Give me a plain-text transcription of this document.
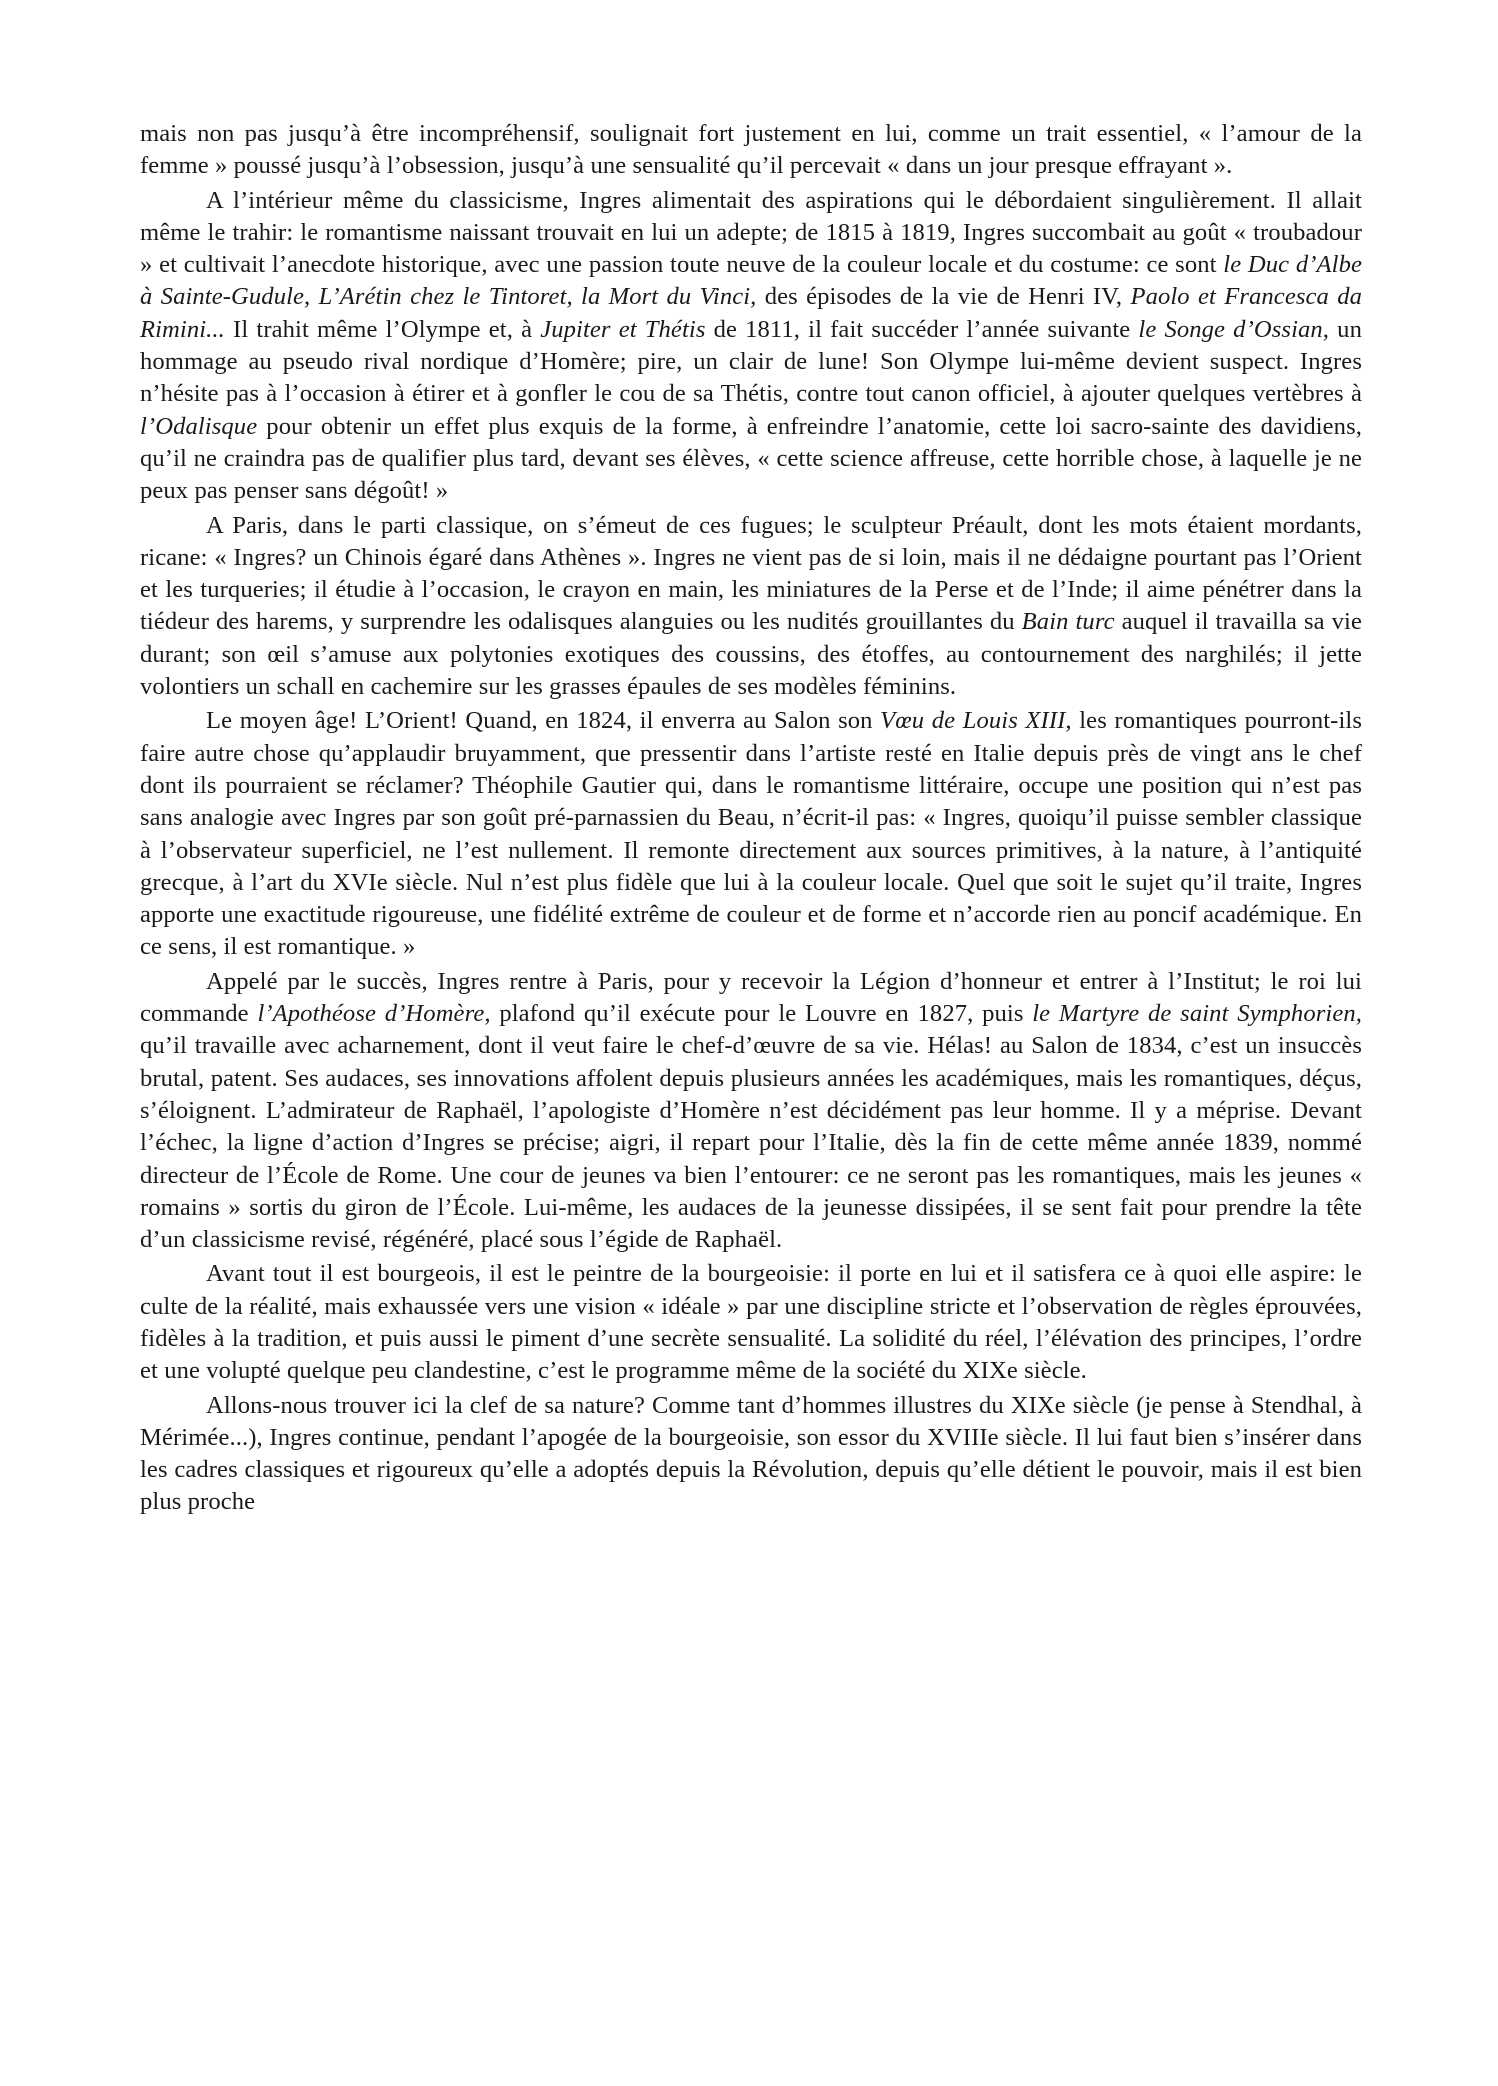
mais non pas jusqu’à être incompréhensif, soulignait fort justement en lui, comme un trait essentiel, « l’amour de la femme » poussé jusqu’à l’obsession, jusqu’à une sensualité qu’il percevait « dans un jour presque effrayant ».

A l’intérieur même du classicisme, Ingres alimentait des aspirations qui le débordaient singulièrement. Il allait même le trahir: le romantisme naissant trouvait en lui un adepte; de 1815 à 1819, Ingres succombait au goût « troubadour » et cultivait l’anecdote historique, avec une passion toute neuve de la couleur locale et du costume: ce sont le Duc d’Albe à Sainte-Gudule, L’Arétin chez le Tintoret, la Mort du Vinci, des épisodes de la vie de Henri IV, Paolo et Francesca da Rimini... Il trahit même l’Olympe et, à Jupiter et Thétis de 1811, il fait succéder l’année suivante le Songe d’Ossian, un hommage au pseudo rival nordique d’Homère; pire, un clair de lune! Son Olympe lui-même devient suspect. Ingres n’hésite pas à l’occasion à étirer et à gonfler le cou de sa Thétis, contre tout canon officiel, à ajouter quelques vertèbres à l’Odalisque pour obtenir un effet plus exquis de la forme, à enfreindre l’anatomie, cette loi sacro-sainte des davidiens, qu’il ne craindra pas de qualifier plus tard, devant ses élèves, « cette science affreuse, cette horrible chose, à laquelle je ne peux pas penser sans dégoût! »

A Paris, dans le parti classique, on s’émeut de ces fugues; le sculpteur Préault, dont les mots étaient mordants, ricane: « Ingres? un Chinois égaré dans Athènes ». Ingres ne vient pas de si loin, mais il ne dédaigne pourtant pas l’Orient et les turqueries; il étudie à l’occasion, le crayon en main, les miniatures de la Perse et de l’Inde; il aime pénétrer dans la tiédeur des harems, y surprendre les odalisques alanguies ou les nudités grouillantes du Bain turc auquel il travailla sa vie durant; son œil s’amuse aux polytonies exotiques des coussins, des étoffes, au contournement des narghilés; il jette volontiers un schall en cachemire sur les grasses épaules de ses modèles féminins.

Le moyen âge! L’Orient! Quand, en 1824, il enverra au Salon son Vœu de Louis XIII, les romantiques pourront-ils faire autre chose qu’applaudir bruyamment, que pressentir dans l’artiste resté en Italie depuis près de vingt ans le chef dont ils pourraient se réclamer? Théophile Gautier qui, dans le romantisme littéraire, occupe une position qui n’est pas sans analogie avec Ingres par son goût pré-parnassien du Beau, n’écrit-il pas: « Ingres, quoiqu’il puisse sembler classique à l’observateur superficiel, ne l’est nullement. Il remonte directement aux sources primitives, à la nature, à l’antiquité grecque, à l’art du XVIe siècle. Nul n’est plus fidèle que lui à la couleur locale. Quel que soit le sujet qu’il traite, Ingres apporte une exactitude rigoureuse, une fidélité extrême de couleur et de forme et n’accorde rien au poncif académique. En ce sens, il est romantique. »

Appelé par le succès, Ingres rentre à Paris, pour y recevoir la Légion d’honneur et entrer à l’Institut; le roi lui commande l’Apothéose d’Homère, plafond qu’il exécute pour le Louvre en 1827, puis le Martyre de saint Symphorien, qu’il travaille avec acharnement, dont il veut faire le chef-d’œuvre de sa vie. Hélas! au Salon de 1834, c’est un insuccès brutal, patent. Ses audaces, ses innovations affolent depuis plusieurs années les académiques, mais les romantiques, déçus, s’éloignent. L’admirateur de Raphaël, l’apologiste d’Homère n’est décidément pas leur homme. Il y a méprise. Devant l’échec, la ligne d’action d’Ingres se précise; aigri, il repart pour l’Italie, dès la fin de cette même année 1839, nommé directeur de l’École de Rome. Une cour de jeunes va bien l’entourer: ce ne seront pas les romantiques, mais les jeunes « romains » sortis du giron de l’École. Lui-même, les audaces de la jeunesse dissipées, il se sent fait pour prendre la tête d’un classicisme revisé, régénéré, placé sous l’égide de Raphaël.

Avant tout il est bourgeois, il est le peintre de la bourgeoisie: il porte en lui et il satisfera ce à quoi elle aspire: le culte de la réalité, mais exhaussée vers une vision « idéale » par une discipline stricte et l’observation de règles éprouvées, fidèles à la tradition, et puis aussi le piment d’une secrète sensualité. La solidité du réel, l’élévation des principes, l’ordre et une volupté quelque peu clandestine, c’est le programme même de la société du XIXe siècle.

Allons-nous trouver ici la clef de sa nature? Comme tant d’hommes illustres du XIXe siècle (je pense à Stendhal, à Mérimée...), Ingres continue, pendant l’apogée de la bourgeoisie, son essor du XVIIIe siècle. Il lui faut bien s’insérer dans les cadres classiques et rigoureux qu’elle a adoptés depuis la Révolution, depuis qu’elle détient le pouvoir, mais il est bien plus proche
